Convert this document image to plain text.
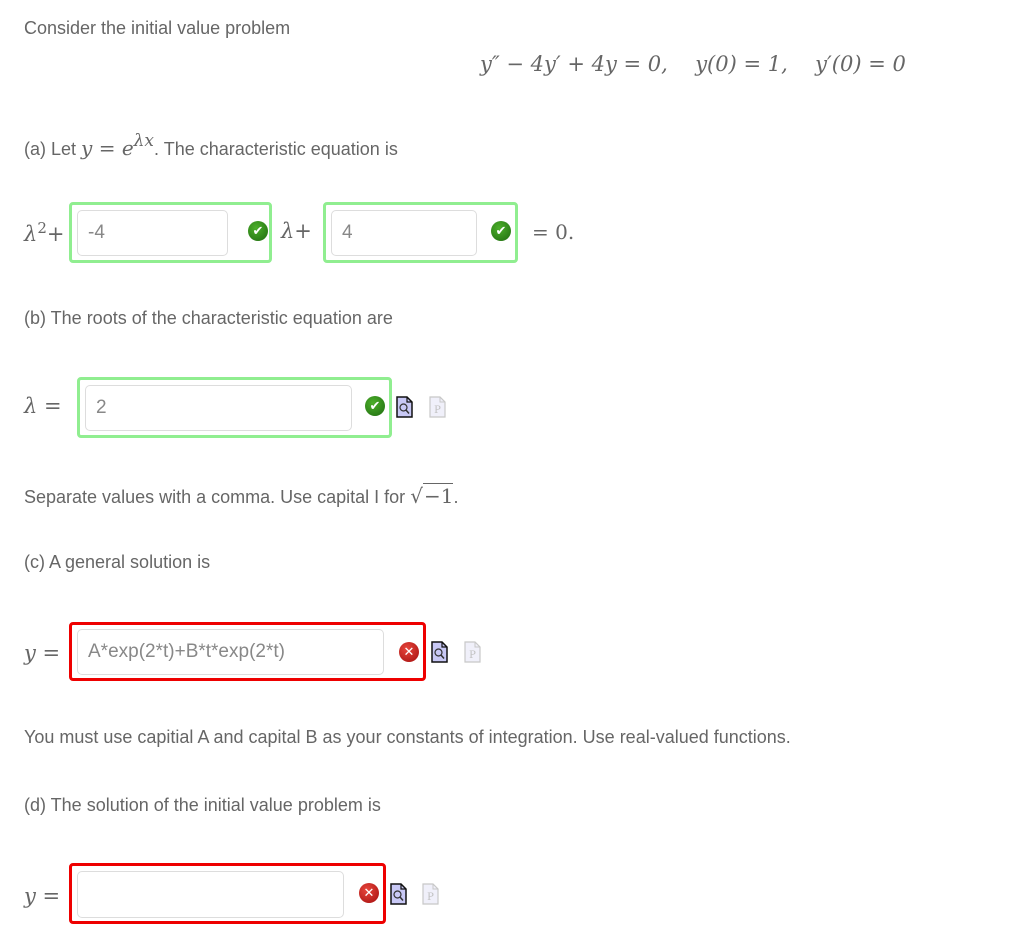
Consider the initial value problem
y″ − 4y′ + 4y = 0, y(0) = 1, y′(0) = 0
(a) Let $y = e^{\lambda x}$. The characteristic equation is
$\lambda^2+$	-4	✔ λ+	4	✔ = 0.
(b) The roots of the characteristic equation are
λ =	2	✔	P
Separate values with a comma. Use capital I for √−1.
(c) A general solution is
y =	A*exp(2*t)+B*t*exp(2*t)	✕	P
You must use capitial A and capital B as your constants of integration. Use real-valued functions.
(d) The solution of the initial value problem is
y =	✕	P
